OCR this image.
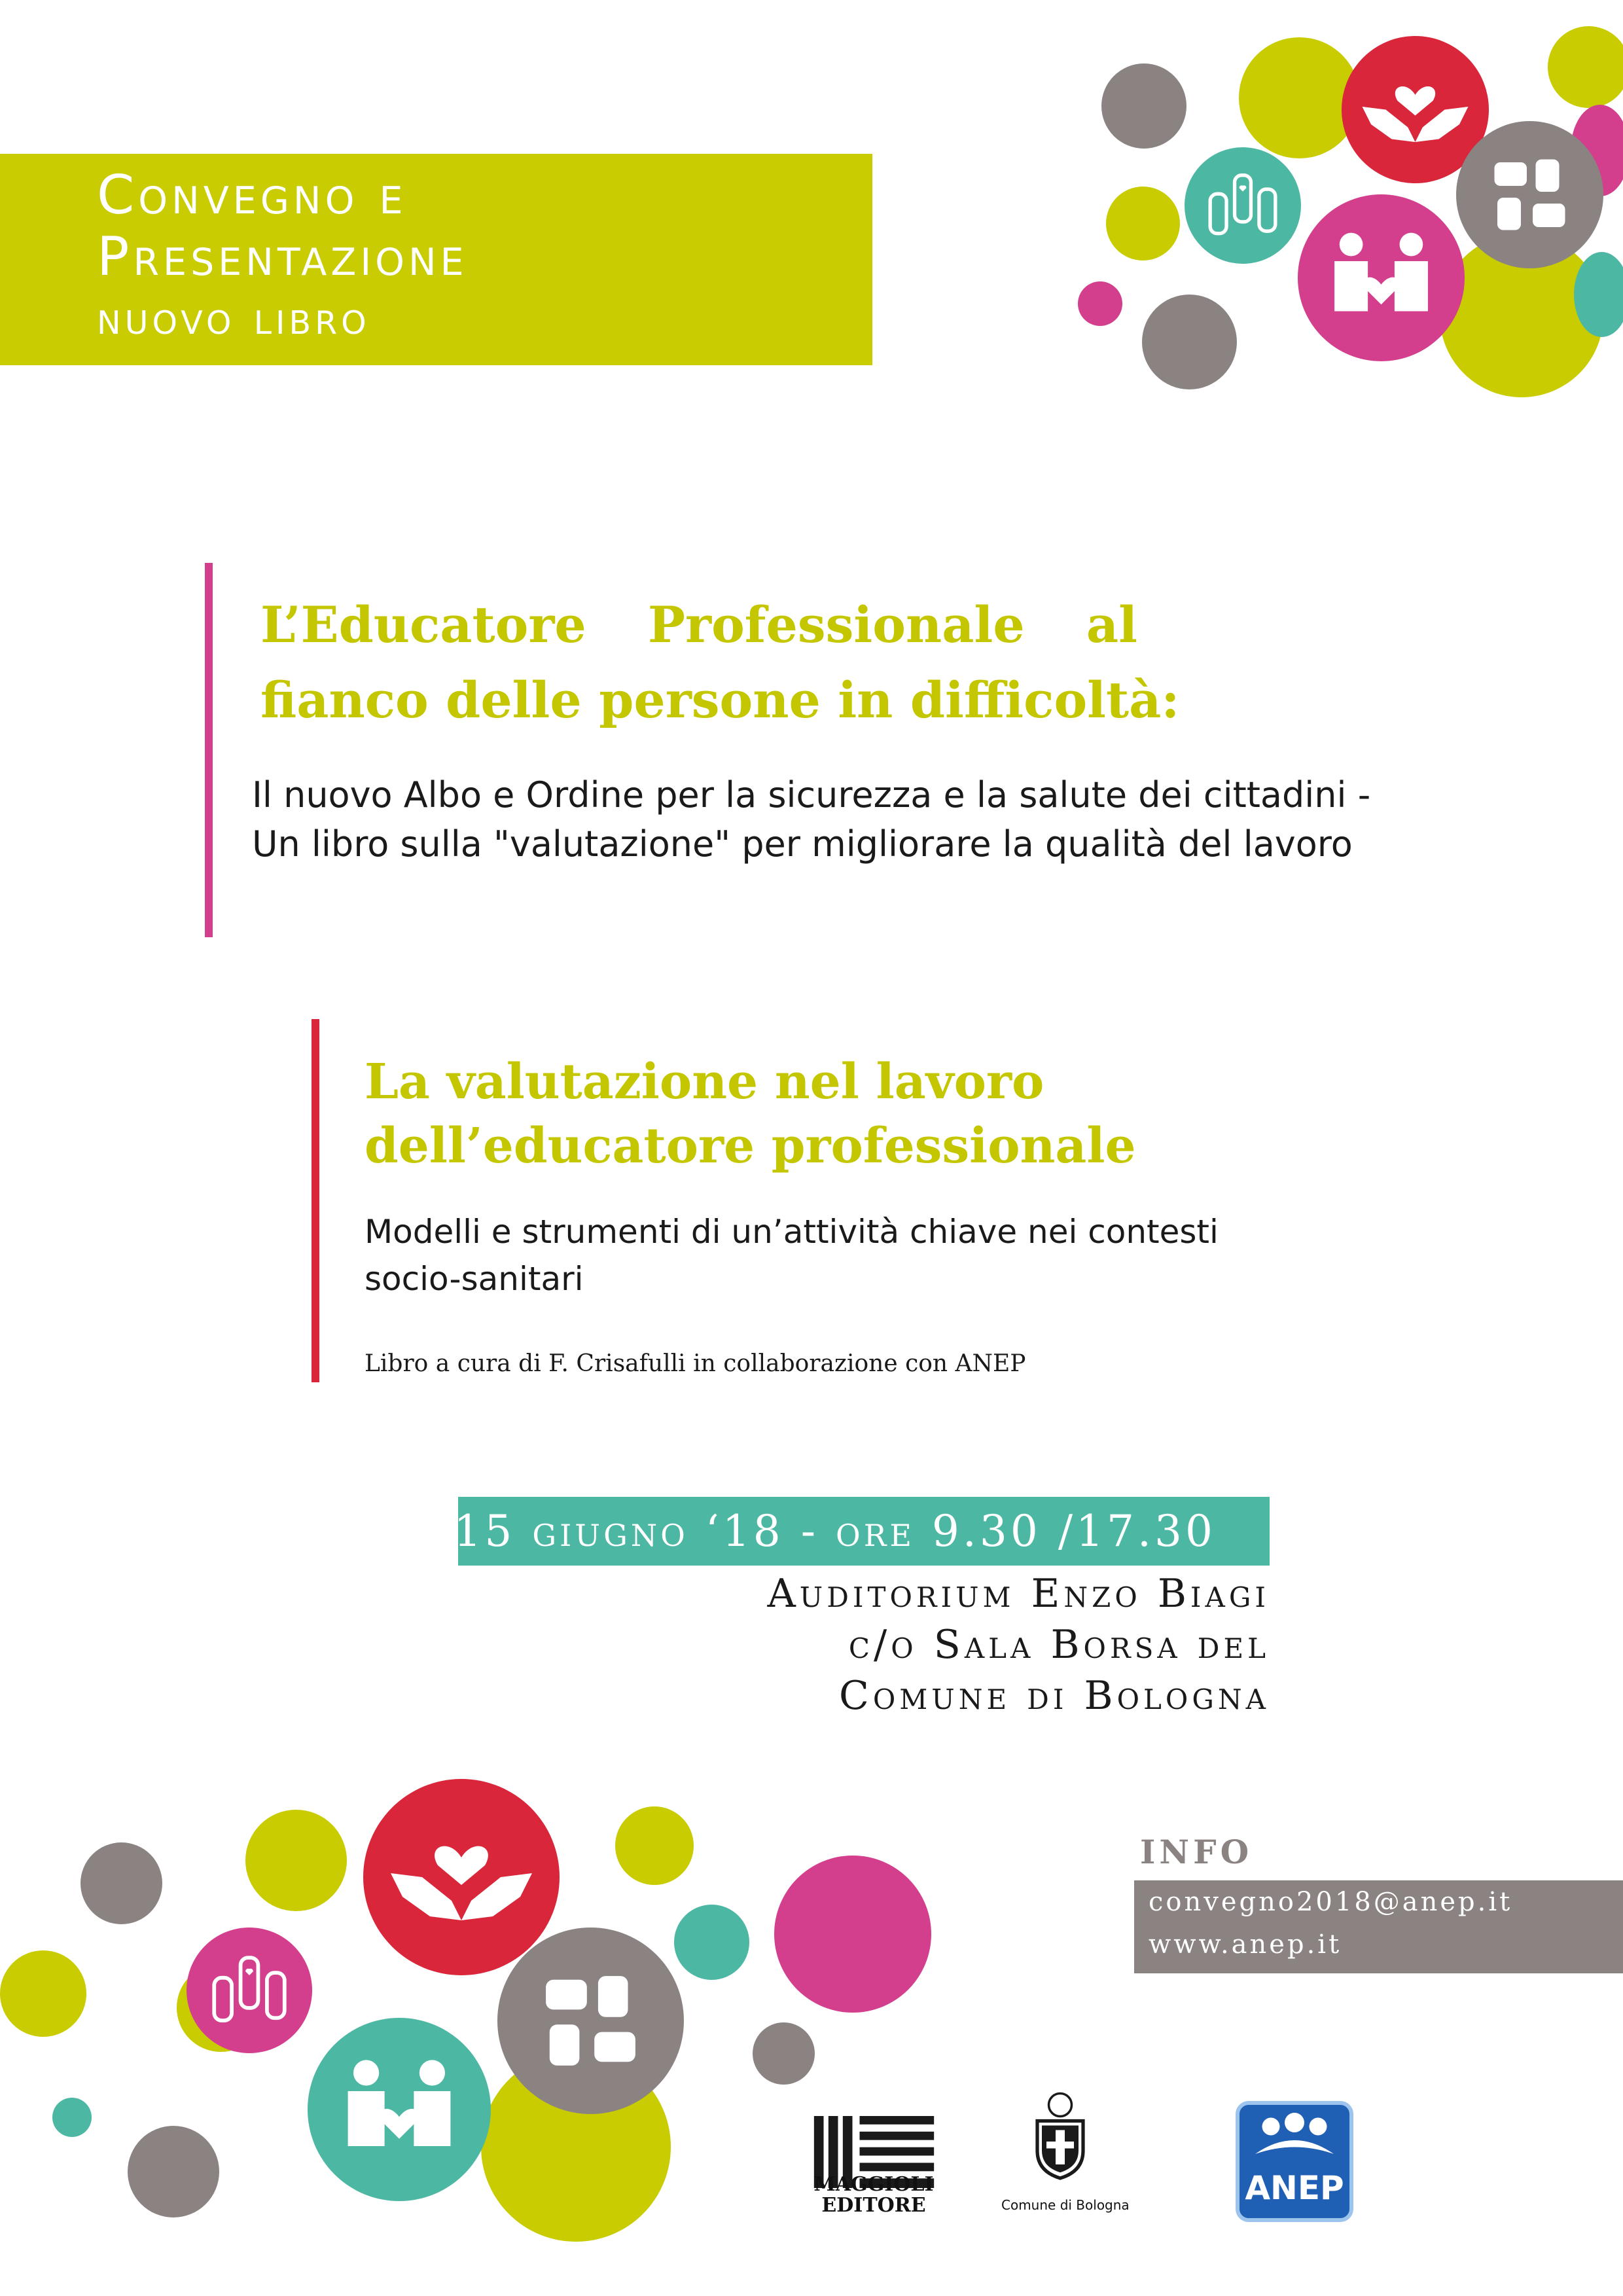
Convegno e
Presentazione
nuovo libro
L’Educatore Professionale al
fianco delle persone in difficoltà:
Il nuovo Albo e Ordine per la sicurezza e la salute dei cittadini -
Un libro sulla "valutazione" per migliorare la qualità del lavoro
La valutazione nel lavoro
dell’educatore professionale
Modelli e strumenti di un’attività chiave nei contesti
socio-sanitari
Libro a cura di F. Crisafulli in collaborazione con ANEP
15 giugno ‘18 - ore 9.30 /17.30
Auditorium Enzo Biagi
c/o Sala Borsa del
Comune di Bologna
INFO
convegno2018@anep.it
www.anep.it
MAGGIOLI
EDITORE	Comune di Bologna	ANEP
